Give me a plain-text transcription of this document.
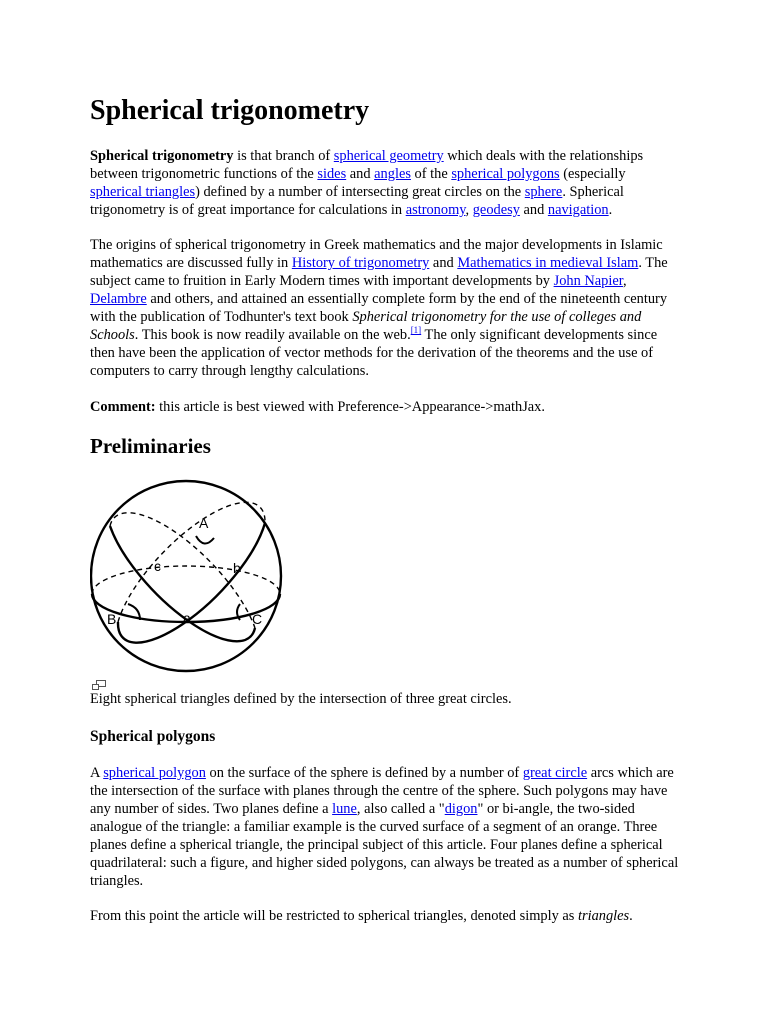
Spherical trigonometry

Spherical trigonometry is that branch of spherical geometry which deals with the relationships between trigonometric functions of the sides and angles of the spherical polygons (especially spherical triangles) defined by a number of intersecting great circles on the sphere. Spherical trigonometry is of great importance for calculations in astronomy, geodesy and navigation.

The origins of spherical trigonometry in Greek mathematics and the major developments in Islamic mathematics are discussed fully in History of trigonometry and Mathematics in medieval Islam. The subject came to fruition in Early Modern times with important developments by John Napier, Delambre and others, and attained an essentially complete form by the end of the nineteenth century with the publication of Todhunter's text book Spherical trigonometry for the use of colleges and Schools. This book is now readily available on the web.[1] The only significant developments since then have been the application of vector methods for the derivation of the theorems and the use of computers to carry through lengthy calculations.

Comment: this article is best viewed with Preference->Appearance->mathJax.

Preliminaries
A
B	C
a
b
c
Eight spherical triangles defined by the intersection of three great circles.
Spherical polygons

A spherical polygon on the surface of the sphere is defined by a number of great circle arcs which are the intersection of the surface with planes through the centre of the sphere. Such polygons may have any number of sides. Two planes define a lune, also called a "digon" or bi-angle, the two-sided analogue of the triangle: a familiar example is the curved surface of a segment of an orange. Three planes define a spherical triangle, the principal subject of this article. Four planes define a spherical quadrilateral: such a figure, and higher sided polygons, can always be treated as a number of spherical triangles.

From this point the article will be restricted to spherical triangles, denoted simply as triangles.
